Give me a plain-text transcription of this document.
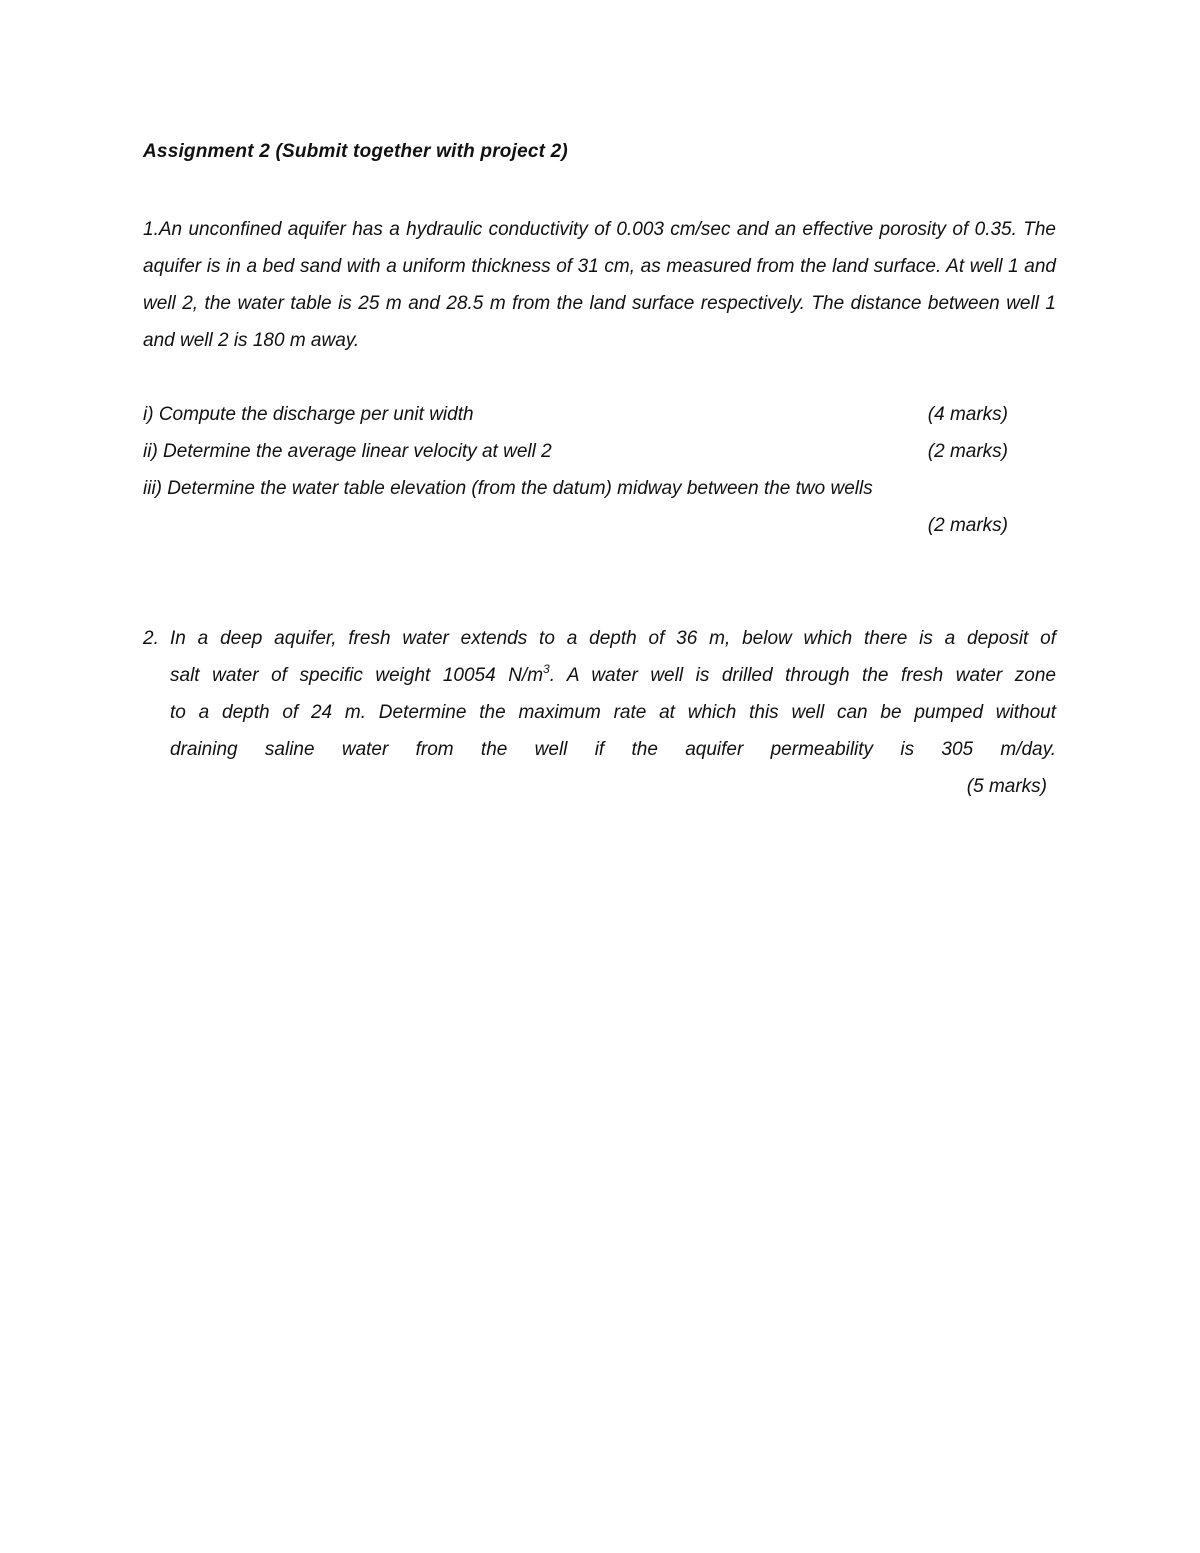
Assignment 2 (Submit together with project 2)
1.An unconfined aquifer has a hydraulic conductivity of 0.003 cm/sec and an effective porosity of 0.35. The aquifer is in a bed sand with a uniform thickness of 31 cm, as measured from the land surface. At well 1 and well 2, the water table is 25 m and 28.5 m from the land surface respectively. The distance between well 1 and well 2 is 180 m away.
i) Compute the discharge per unit width	(4 marks)
ii) Determine the average linear velocity at well 2	(2 marks)
iii) Determine the water table elevation (from the datum) midway between the two wells
(2 marks)
2. In a deep aquifer, fresh water extends to a depth of 36 m, below which there is a deposit of
salt water of specific weight 10054 $N/m^3$. A water well is drilled through the fresh water zone
to a depth of 24 m. Determine the maximum rate at which this well can be pumped without
draining saline water from the well if the aquifer permeability is 305 m/day.
(5 marks)
